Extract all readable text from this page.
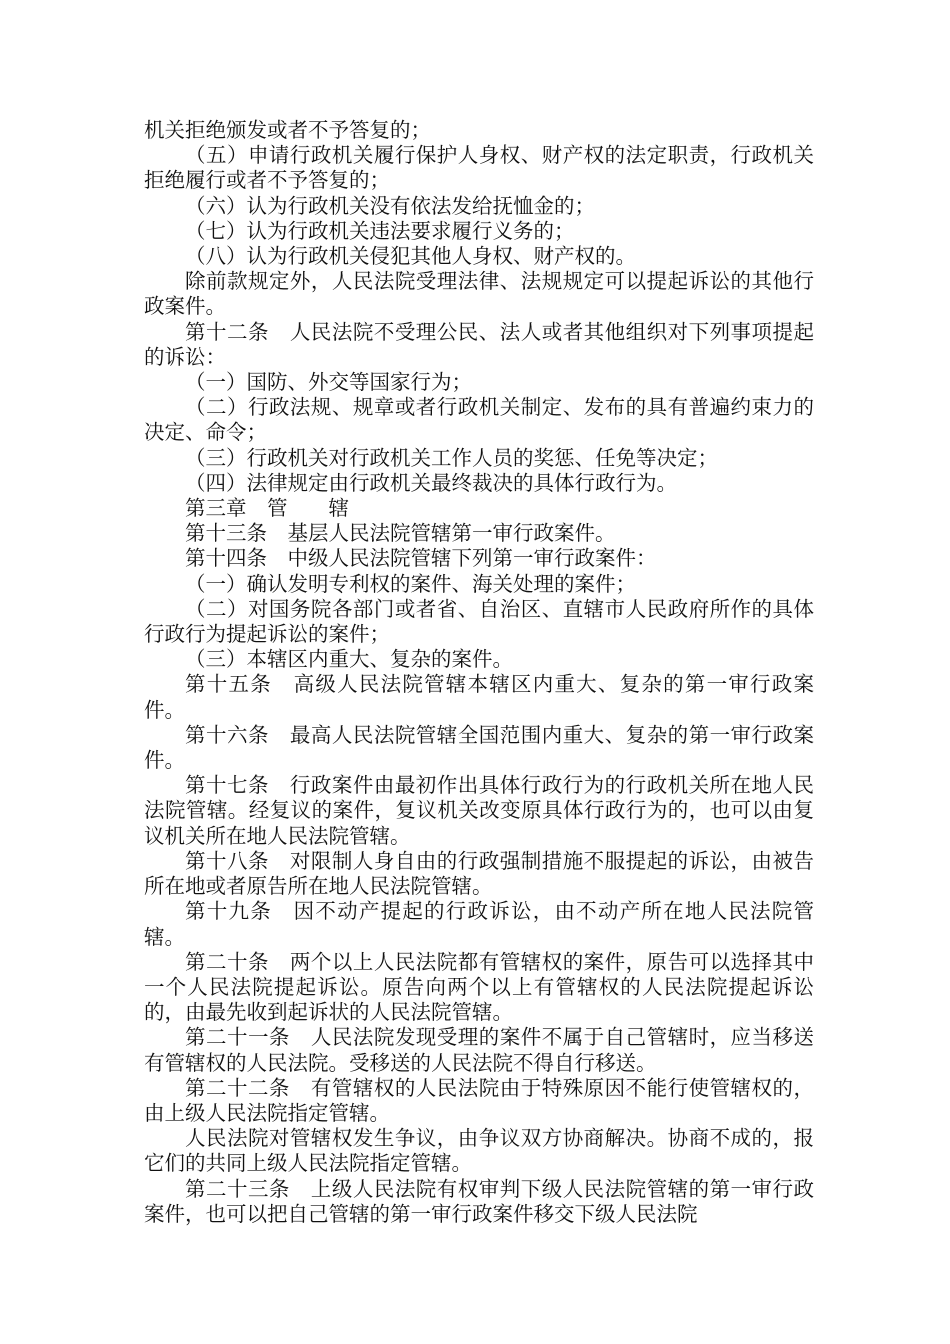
机关拒绝颁发或者不予答复的；

（五）申请行政机关履行保护人身权、财产权的法定职责，行政机关拒绝履行或者不予答复的；

（六）认为行政机关没有依法发给抚恤金的；

（七）认为行政机关违法要求履行义务的；

（八）认为行政机关侵犯其他人身权、财产权的。

除前款规定外，人民法院受理法律、法规规定可以提起诉讼的其他行政案件。

第十二条　人民法院不受理公民、法人或者其他组织对下列事项提起的诉讼：

（一）国防、外交等国家行为；

（二）行政法规、规章或者行政机关制定、发布的具有普遍约束力的决定、命令；

（三）行政机关对行政机关工作人员的奖惩、任免等决定；

（四）法律规定由行政机关最终裁决的具体行政行为。

第三章　管　　辖

第十三条　基层人民法院管辖第一审行政案件。

第十四条　中级人民法院管辖下列第一审行政案件：

（一）确认发明专利权的案件、海关处理的案件；

（二）对国务院各部门或者省、自治区、直辖市人民政府所作的具体行政行为提起诉讼的案件；

（三）本辖区内重大、复杂的案件。

第十五条　高级人民法院管辖本辖区内重大、复杂的第一审行政案件。

第十六条　最高人民法院管辖全国范围内重大、复杂的第一审行政案件。

第十七条　行政案件由最初作出具体行政行为的行政机关所在地人民法院管辖。经复议的案件，复议机关改变原具体行政行为的，也可以由复议机关所在地人民法院管辖。

第十八条　对限制人身自由的行政强制措施不服提起的诉讼，由被告所在地或者原告所在地人民法院管辖。

第十九条　因不动产提起的行政诉讼，由不动产所在地人民法院管辖。

第二十条　两个以上人民法院都有管辖权的案件，原告可以选择其中一个人民法院提起诉讼。原告向两个以上有管辖权的人民法院提起诉讼的，由最先收到起诉状的人民法院管辖。

第二十一条　人民法院发现受理的案件不属于自己管辖时，应当移送有管辖权的人民法院。受移送的人民法院不得自行移送。

第二十二条　有管辖权的人民法院由于特殊原因不能行使管辖权的，由上级人民法院指定管辖。

人民法院对管辖权发生争议，由争议双方协商解决。协商不成的，报它们的共同上级人民法院指定管辖。

第二十三条　上级人民法院有权审判下级人民法院管辖的第一审行政案件，也可以把自己管辖的第一审行政案件移交下级人民法院
